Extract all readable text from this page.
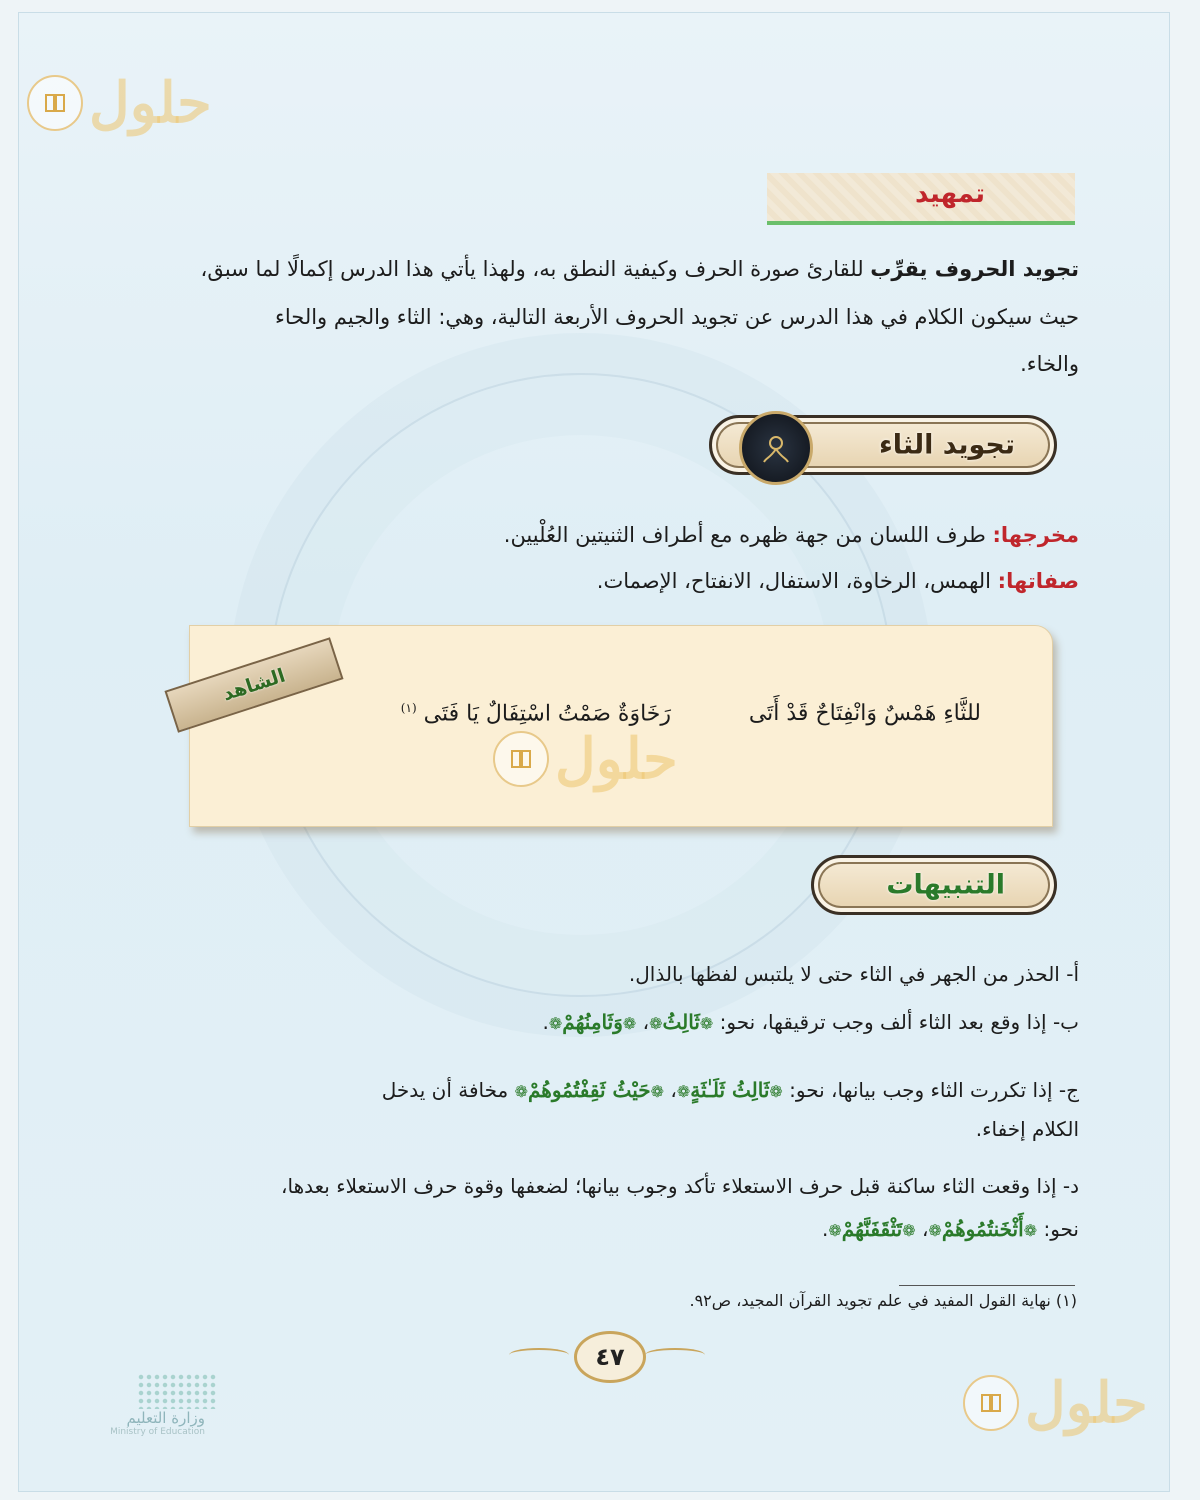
حلول
تمهيد
تجويد الحروف يقرِّب للقارئ صورة الحرف وكيفية النطق به، ولهذا يأتي هذا الدرس إكمالًا لما سبق،
حيث سيكون الكلام في هذا الدرس عن تجويد الحروف الأربعة التالية، وهي: الثاء والجيم والحاء
والخاء.
تجويد الثاء
مخرجها: طرف اللسان من جهة ظهره مع أطراف الثنيتين العُلْيين.
صفاتها: الهمس، الرخاوة، الاستفال، الانفتاح، الإصمات.
الشاهد
للثَّاءِ هَمْسٌ وَانْفِتَاحٌ قَدْ أَتَى
رَخَاوَةٌ صَمْتُ اسْتِفَالٌ يَا فَتَى $^{(١)}$
حلول
التنبيهات
أ- الحذر من الجهر في الثاء حتى لا يلتبس لفظها بالذال.
ب- إذا وقع بعد الثاء ألف وجب ترقيقها، نحو: ❁ثَالِثُ❁، ❁وَثَامِنُهُمْ❁.
ج- إذا تكررت الثاء وجب بيانها، نحو: ❁ثَالِثُ ثَلَـٰثَةٍ❁، ❁حَيْثُ ثَقِفْتُمُوهُمْ❁ مخافة أن يدخل
الكلام إخفاء.
د- إذا وقعت الثاء ساكنة قبل حرف الاستعلاء تأكد وجوب بيانها؛ لضعفها وقوة حرف الاستعلاء بعدها،
نحو: ❁أَثْخَنتُمُوهُمْ❁، ❁تَثْقَفَنَّهُمْ❁.
(١) نهاية القول المفيد في علم تجويد القرآن المجيد، ص٩٢.
٤٧
وزارة التعليم
Ministry of Education	حلول
